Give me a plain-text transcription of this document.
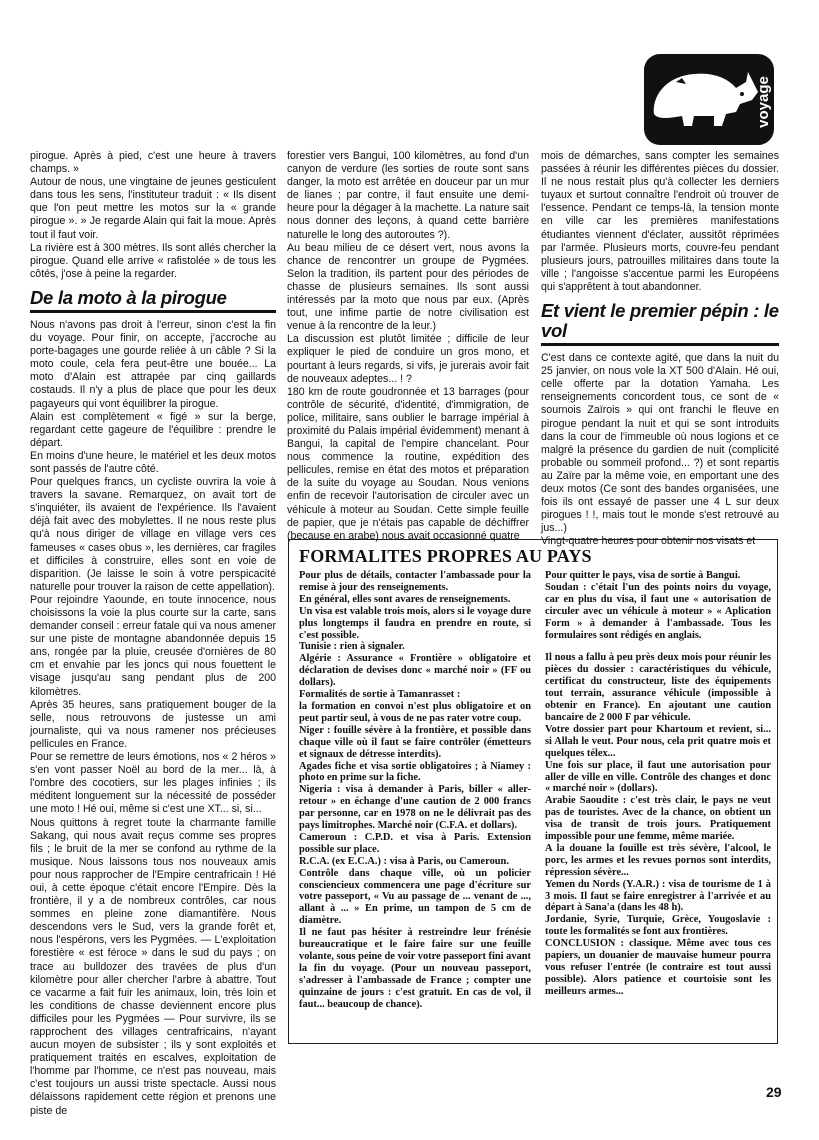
voyage

pirogue. Après à pied, c'est une heure à travers champs. »

Autour de nous, une vingtaine de jeunes gesticulent dans tous les sens, l'instituteur traduit : « Ils disent que l'on peut mettre les motos sur la « grande pirogue ». » Je regarde Alain qui fait la moue. Après tout il faut voir.

La rivière est à 300 mètres. Ils sont allés chercher la pirogue. Quand elle arrive « rafistolée » de tous les côtés, j'ose à peine la regarder.

De la moto à la pirogue

Nous n'avons pas droit à l'erreur, sinon c'est la fin du voyage. Pour finir, on accepte, j'accroche au porte-bagages une gourde reliée à un câble ? Si la moto coule, cela fera peut-être une bouée... La moto d'Alain est attrapée par cinq gaillards costauds. Il n'y a plus de place que pour les deux pagayeurs qui vont équilibrer la pirogue.

Alain est complètement « figé » sur la berge, regardant cette gageure de l'équilibre : prendre le départ.

En moins d'une heure, le matériel et les deux motos sont passés de l'autre côté.

Pour quelques francs, un cycliste ouvrira la voie à travers la savane. Remarquez, on avait tort de s'inquiéter, ils avaient de l'expérience. Ils l'avaient déjà fait avec des mobylettes. Il ne nous reste plus qu'à nous diriger de village en village vers ces fameuses « cases obus », les dernières, car fragiles et difficiles à construire, elles sont en voie de disparition. (Je laisse le soin à votre perspicacité naturelle pour trouver la raison de cette appellation).

Pour rejoindre Yaounde, en toute innocence, nous choisissons la voie la plus courte sur la carte, sans demander conseil : erreur fatale qui va nous amener sur une piste de montagne abandonnée depuis 15 ans, rongée par la pluie, creusée d'ornières de 80 cm et envahie par les joncs qui nous fouettent le visage jusqu'au sang pendant plus de 200 kilomètres.

Après 35 heures, sans pratiquement bouger de la selle, nous retrouvons de justesse un ami journaliste, qui va nous ramener nos précieuses pellicules en France.

Pour se remettre de leurs émotions, nos « 2 héros » s'en vont passer Noël au bord de la mer... là, à l'ombre des cocotiers, sur les plages infinies ; ils méditent longuement sur la nécessité de posséder une moto ! Hé oui, même si c'est une XT... si, si...

Nous quittons à regret toute la charmante famille Sakang, qui nous avait reçus comme ses propres fils ; le bruit de la mer se confond au rythme de la musique. Nous laissons tous nos nouveaux amis pour nous rapprocher de l'Empire centrafricain ! Hé oui, à cette époque c'était encore l'Empire. Dès la frontière, il y a de nombreux contrôles, car nous sommes en pleine zone diamantifère. Nous descendons vers le Sud, vers la grande forêt et, nous l'espérons, vers les Pygmées. — L'exploitation forestière « est féroce » dans le sud du pays ; on trace au bulldozer des travées de plus d'un kilomètre pour aller chercher l'arbre à abattre. Tout ce vacarme a fait fuir les animaux, loin, très loin et les conditions de chasse deviennent encore plus difficiles pour les Pygmées — Pour survivre, ils se rapprochent des villages centrafricains, n'ayant aucun moyen de subsister ; ils y sont exploités et pratiquement traités en escalves, exploitation de l'homme par l'homme, ce n'est pas nouveau, mais c'est toujours un aussi triste spectacle. Aussi nous délaissons rapidement cette région et prenons une piste de

forestier vers Bangui, 100 kilomètres, au fond d'un canyon de verdure (les sorties de route sont sans danger, la moto est arrêtée en douceur par un mur de lianes ; par contre, il faut ensuite une demi-heure pour la dégager à la machette. La nature sait nous donner des leçons, à quand cette barrière naturelle le long des autoroutes ?).

Au beau milieu de ce désert vert, nous avons la chance de rencontrer un groupe de Pygmées. Selon la tradition, ils partent pour des périodes de chasse de plusieurs semaines. Ils sont aussi intéressés par la moto que nous par eux. (Après tout, une infime partie de notre civilisation est venue à la rencontre de la leur.)

La discussion est plutôt limitée ; difficile de leur expliquer le pied de conduire un gros mono, et pourtant à leurs regards, si vifs, je jurerais avoir fait de nouveaux adeptes... ! ?

180 km de route goudronnée et 13 barrages (pour contrôle de sécurité, d'identité, d'immigration, de police, militaire, sans oublier le barrage impérial à proximité du Palais impérial évidemment) menant à Bangui, la capital de l'empire chancelant. Pour nous commence la routine, expédition des pellicules, remise en état des motos et préparation de la suite du voyage au Soudan. Nous venions enfin de recevoir l'autorisation de circuler avec un véhicule à moteur au Soudan. Cette simple feuille de papier, que je n'étais pas capable de déchiffrer (because en arabe) nous avait occasionné quatre

mois de démarches, sans compter les semaines passées à réunir les différentes pièces du dossier. Il ne nous restait plus qu'à collecter les derniers tuyaux et surtout connaître l'endroit où trouver de l'essence. Pendant ce temps-là, la tension monte en ville car les premières manifestations étudiantes viennent d'éclater, aussitôt réprimées par l'armée. Plusieurs morts, couvre-feu pendant plusieurs jours, patrouilles militaires dans toute la ville ; l'angoisse s'accentue parmi les Européens qui s'apprêtent à tout abandonner.

Et vient le premier pépin : le vol

C'est dans ce contexte agité, que dans la nuit du 25 janvier, on nous vole la XT 500 d'Alain. Hé oui, celle offerte par la dotation Yamaha. Les renseignements concordent tous, ce sont de « sournois Zaïrois » qui ont franchi le fleuve en pirogue pendant la nuit et qui se sont introduits dans la cour de l'immeuble où nous logions et ce malgré la présence du gardien de nuit (complicité probable ou sommeil profond... ?) et sont repartis au Zaïre par la même voie, en emportant une des deux motos (Ce sont des bandes organisées, une fois ils ont essayé de passer une 4 L sur deux pirogues ! !, mais tout le monde s'est retrouvé au jus...)

Vingt-quatre heures pour obtenir nos visats et

FORMALITES PROPRES AU PAYS

Pour plus de détails, contacter l'ambassade pour la remise à jour des renseignements.

En général, elles sont avares de renseignements.

Un visa est valable trois mois, alors si le voyage dure plus longtemps il faudra en prendre en route, si c'est possible.

Tunisie : rien à signaler.

Algérie : Assurance « Frontière » obligatoire et déclaration de devises donc « marché noir » (FF ou dollars).

Formalités de sortie à Tamanrasset :

la formation en convoi n'est plus obligatoire et on peut partir seul, à vous de ne pas rater votre coup.

Niger : fouille sévère à la frontière, et possible dans chaque ville où il faut se faire contrôler (émetteurs et signaux de détresse interdits).

Agades fiche et visa sortie obligatoires ; à Niamey : photo en prime sur la fiche.

Nigeria : visa à demander à Paris, biller « aller-retour » en échange d'une caution de 2 000 francs par personne, car en 1978 on ne le délivrait pas des pays limitrophes. Marché noir (C.F.A. et dollars).

Cameroun : C.P.D. et visa à Paris. Extension possible sur place.

R.C.A. (ex E.C.A.) : visa à Paris, ou Cameroun.

Contrôle dans chaque ville, où un policier consciencieux commencera une page d'écriture sur votre passeport, « Vu au passage de ... venant de ..., allant à ... » En prime, un tampon de 5 cm de diamètre.

Il ne faut pas hésiter à restreindre leur frénésie bureaucratique et le faire faire sur une feuille volante, sous peine de voir votre passeport fini avant la fin du voyage. (Pour un nouveau passeport, s'adresser à l'ambassade de France ; compter une quinzaine de jours : c'est gratuit. En cas de vol, il faut... beaucoup de chance).

Pour quitter le pays, visa de sortie à Bangui.

Soudan : c'était l'un des points noirs du voyage, car en plus du visa, il faut une « autorisation de circuler avec un véhicule à moteur » « Aplication Form » à demander à l'ambassade. Tous les formulaires sont rédigés en anglais.

Il nous a fallu à peu près deux mois pour réunir les pièces du dossier : caractéristiques du véhicule, certificat du constructeur, liste des équipements tout terrain, assurance véhicule (impossible à obtenir en France). En ajoutant une caution bancaire de 2 000 F par véhicule.

Votre dossier part pour Khartoum et revient, si... si Allah le veut. Pour nous, cela prit quatre mois et quelques télex...

Une fois sur place, il faut une autorisation pour aller de ville en ville. Contrôle des changes et donc « marché noir » (dollars).

Arabie Saoudite : c'est très clair, le pays ne veut pas de touristes. Avec de la chance, on obtient un visa de transit de trois jours. Pratiquement impossible pour une femme, même mariée.

A la douane la fouille est très sévère, l'alcool, le porc, les armes et les revues pornos sont interdits, répression sévère...

Yemen du Nords (Y.A.R.) : visa de tourisme de 1 à 3 mois. Il faut se faire enregistrer à l'arrivée et au départ à Sana'a (dans les 48 h).

Jordanie, Syrie, Turquie, Grèce, Yougoslavie : toute les formalités se font aux frontières.

CONCLUSION : classique. Même avec tous ces papiers, un douanier de mauvaise humeur pourra vous refuser l'entrée (le contraire est tout aussi possible). Alors patience et courtoisie sont les meilleurs armes...

29
